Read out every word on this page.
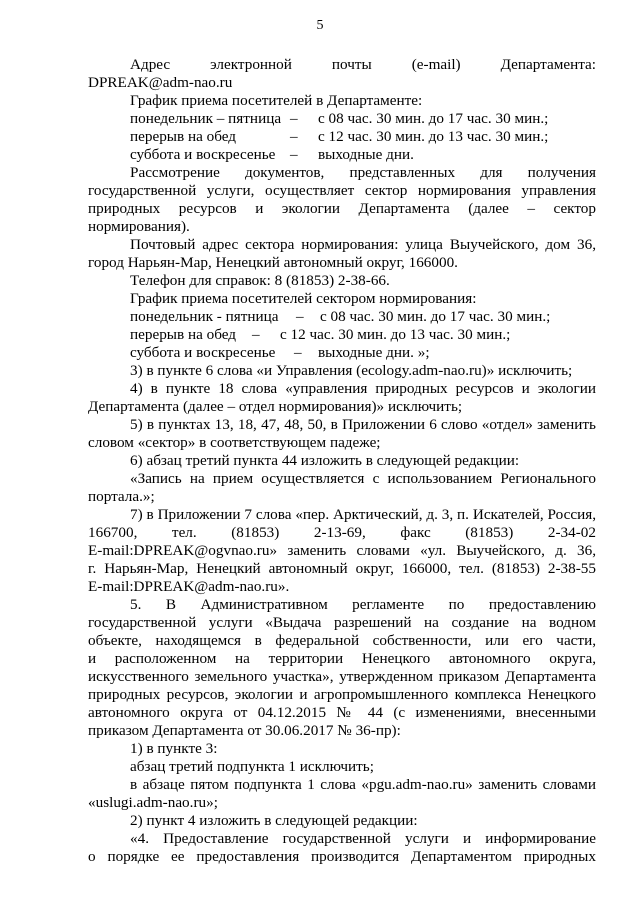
5
Адрес электронной почты (e-mail) Департамента:
DPREAK@adm-nao.ru
График приема посетителей в Департаменте:
понедельник – пятница – с 08 час. 30 мин. до 17 час. 30 мин.;
перерыв на обед	– с 12 час. 30 мин. до 13 час. 30 мин.;
суббота и воскресенье – выходные дни.
Рассмотрение документов, представленных для получения
государственной услуги, осуществляет сектор нормирования управления
природных ресурсов и экологии Департамента (далее – сектор
нормирования).
Почтовый адрес сектора нормирования: улица Выучейского, дом 36,
город Нарьян-Мар, Ненецкий автономный округ, 166000.
Телефон для справок: 8 (81853) 2-38-66.
График приема посетителей сектором нормирования:
понедельник - пятница – с 08 час. 30 мин. до 17 час. 30 мин.;
перерыв на обед – с 12 час. 30 мин. до 13 час. 30 мин.;
суббота и воскресенье – выходные дни. »;
3) в пункте 6 слова «и Управления (ecology.adm-nao.ru)» исключить;
4) в пункте 18 слова «управления природных ресурсов и экологии
Департамента (далее – отдел нормирования)» исключить;
5) в пунктах 13, 18, 47, 48, 50, в Приложении 6 слово «отдел» заменить
словом «сектор» в соответствующем падеже;
6) абзац третий пункта 44 изложить в следующей редакции:
«Запись на прием осуществляется с использованием Регионального
портала.»;
7) в Приложении 7 слова «пер. Арктический, д. 3, п. Искателей, Россия,
166700, тел. (81853) 2-13-69, факс (81853) 2-34-02
E-mail:DPREAK@ogvnao.ru» заменить словами «ул. Выучейского, д. 36,
г. Нарьян-Мар, Ненецкий автономный округ, 166000, тел. (81853) 2-38-55
E-mail:DPREAK@adm-nao.ru».
5. В Административном регламенте по предоставлению
государственной услуги «Выдача разрешений на создание на водном
объекте, находящемся в федеральной собственности, или его части,
и расположенном на территории Ненецкого автономного округа,
искусственного земельного участка», утвержденном приказом Департамента
природных ресурсов, экологии и агропромышленного комплекса Ненецкого
автономного округа от 04.12.2015 № 44 (с изменениями, внесенными
приказом Департамента от 30.06.2017 № 36-пр):
1) в пункте 3:
абзац третий подпункта 1 исключить;
в абзаце пятом подпункта 1 слова «pgu.adm-nao.ru» заменить словами
«uslugi.adm-nao.ru»;
2) пункт 4 изложить в следующей редакции:
«4. Предоставление государственной услуги и информирование
о порядке ее предоставления производится Департаментом природных
